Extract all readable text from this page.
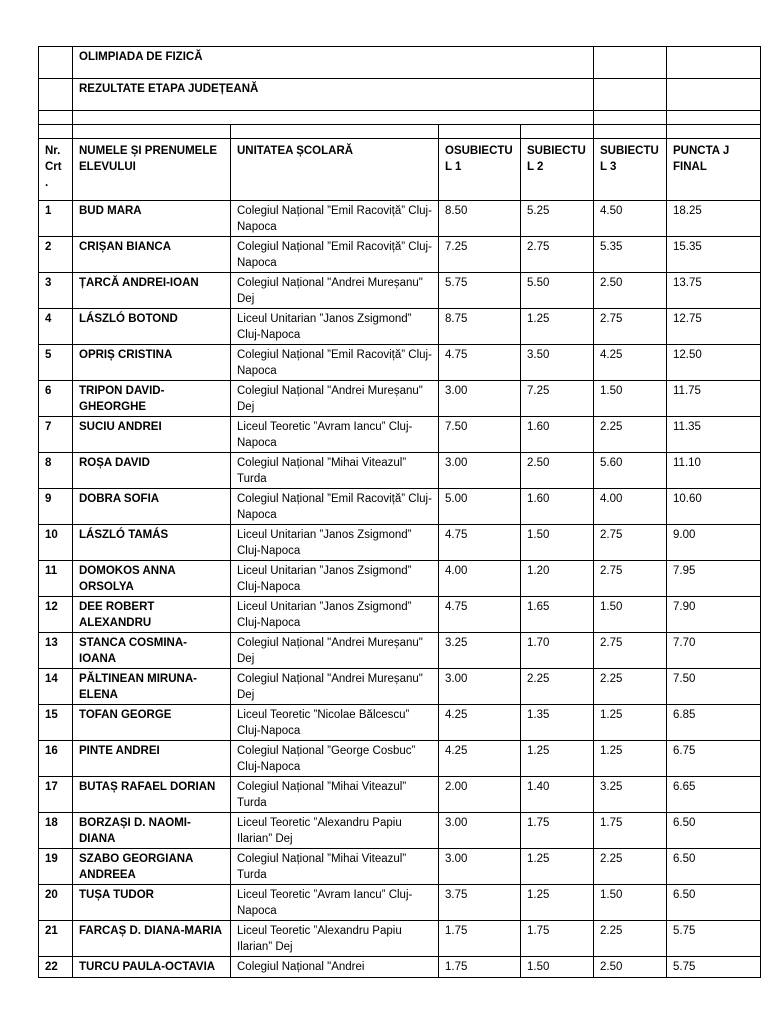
	OLIMPIADA DE FIZICĂ					
	REZULTATE ETAPA JUDEȚEANĂ					

Nr. Crt .	NUMELE ȘI PRENUMELE ELEVULUI	UNITATEA ȘCOLARĂ	OSUBIECTU L 1	SUBIECTU L 2	SUBIECTU L 3	PUNCTA J FINAL
1	BUD MARA	Colegiul Național ”Emil Racoviță” Cluj-Napoca	8.50	5.25	4.50	18.25
2	CRIȘAN BIANCA	Colegiul Național ”Emil Racoviță” Cluj-Napoca	7.25	2.75	5.35	15.35
3	ȚARCĂ ANDREI-IOAN	Colegiul Național "Andrei Mureșanu" Dej	5.75	5.50	2.50	13.75
4	LÁSZLÓ BOTOND	Liceul Unitarian ”Janos Zsigmond” Cluj-Napoca	8.75	1.25	2.75	12.75
5	OPRIȘ CRISTINA	Colegiul Național ”Emil Racoviță” Cluj-Napoca	4.75	3.50	4.25	12.50
6	TRIPON DAVID-GHEORGHE	Colegiul Național "Andrei Mureșanu" Dej	3.00	7.25	1.50	11.75
7	SUCIU ANDREI	Liceul Teoretic ”Avram Iancu” Cluj-Napoca	7.50	1.60	2.25	11.35
8	ROȘA DAVID	Colegiul Național ”Mihai Viteazul” Turda	3.00	2.50	5.60	11.10
9	DOBRA SOFIA	Colegiul Național ”Emil Racoviță” Cluj-Napoca	5.00	1.60	4.00	10.60
10	LÁSZLÓ TAMÁS	Liceul Unitarian ”Janos Zsigmond” Cluj-Napoca	4.75	1.50	2.75	9.00
11	DOMOKOS ANNA ORSOLYA	Liceul Unitarian ”Janos Zsigmond” Cluj-Napoca	4.00	1.20	2.75	7.95
12	DEE ROBERT ALEXANDRU	Liceul Unitarian ”Janos Zsigmond” Cluj-Napoca	4.75	1.65	1.50	7.90
13	STANCA COSMINA-IOANA	Colegiul Național "Andrei Mureșanu" Dej	3.25	1.70	2.75	7.70
14	PĂLTINEAN MIRUNA-ELENA	Colegiul Național "Andrei Mureșanu" Dej	3.00	2.25	2.25	7.50
15	TOFAN GEORGE	Liceul Teoretic ”Nicolae Bălcescu” Cluj-Napoca	4.25	1.35	1.25	6.85
16	PINTE ANDREI	Colegiul Național ”George Cosbuc” Cluj-Napoca	4.25	1.25	1.25	6.75
17	BUTAȘ RAFAEL DORIAN	Colegiul Național ”Mihai Viteazul” Turda	2.00	1.40	3.25	6.65
18	BORZAȘI D. NAOMI-DIANA	Liceul Teoretic ”Alexandru Papiu Ilarian” Dej	3.00	1.75	1.75	6.50
19	SZABO GEORGIANA ANDREEA	Colegiul Național ”Mihai Viteazul” Turda	3.00	1.25	2.25	6.50
20	TUȘA TUDOR	Liceul Teoretic ”Avram Iancu” Cluj-Napoca	3.75	1.25	1.50	6.50
21	FARCAȘ D. DIANA-MARIA	Liceul Teoretic ”Alexandru Papiu Ilarian” Dej	1.75	1.75	2.25	5.75
22	TURCU PAULA-OCTAVIA	Colegiul Național "Andrei	1.75	1.50	2.50	5.75
